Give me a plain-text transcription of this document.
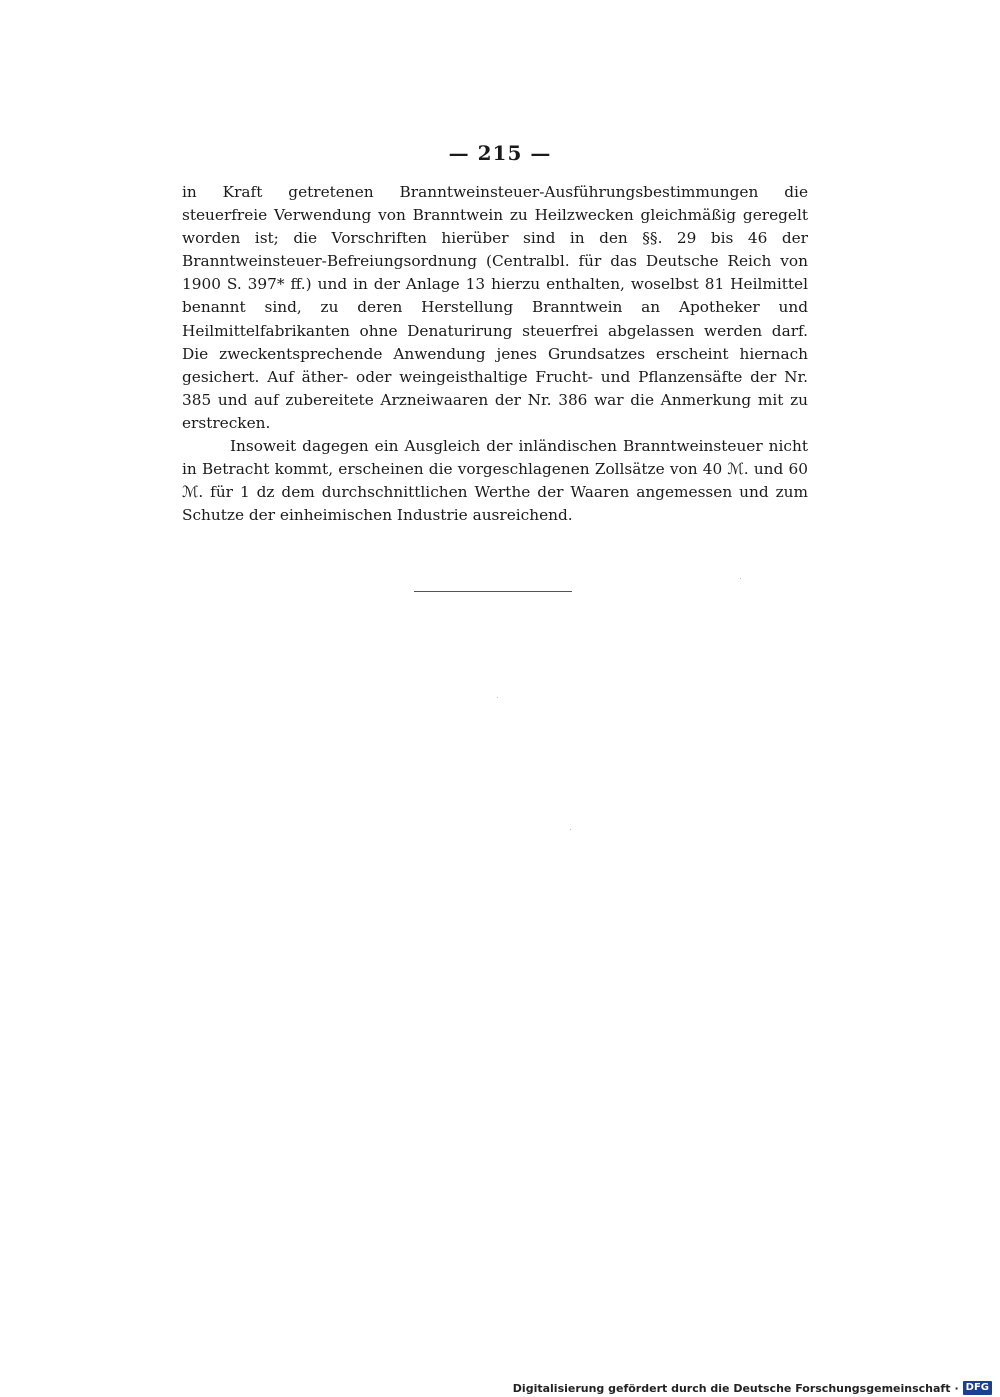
— 215 —

in Kraft getretenen Branntweinsteuer-Ausführungsbestimmungen die steuerfreie Verwendung von Branntwein zu Heilzwecken gleichmäßig geregelt worden ist; die Vorschriften hierüber sind in den §§. 29 bis 46 der Branntweinsteuer-Befreiungsordnung (Centralbl. für das Deutsche Reich von 1900 S. 397* ff.) und in der Anlage 13 hierzu enthalten, woselbst 81 Heilmittel benannt sind, zu deren Herstellung Branntwein an Apotheker und Heilmittelfabrikanten ohne Denaturirung steuerfrei abgelassen werden darf. Die zweckentsprechende Anwendung jenes Grundsatzes erscheint hiernach gesichert. Auf äther- oder weingeisthaltige Frucht- und Pflanzensäfte der Nr. 385 und auf zubereitete Arzneiwaaren der Nr. 386 war die Anmerkung mit zu erstrecken.

Insoweit dagegen ein Ausgleich der inländischen Branntweinsteuer nicht in Betracht kommt, erscheinen die vorgeschlagenen Zollsätze von 40 ℳ. und 60 ℳ. für 1 dz dem durchschnittlichen Werthe der Waaren angemessen und zum Schutze der einheimischen Industrie ausreichend.

Digitalisierung gefördert durch die Deutsche Forschungsgemeinschaft · DFG
